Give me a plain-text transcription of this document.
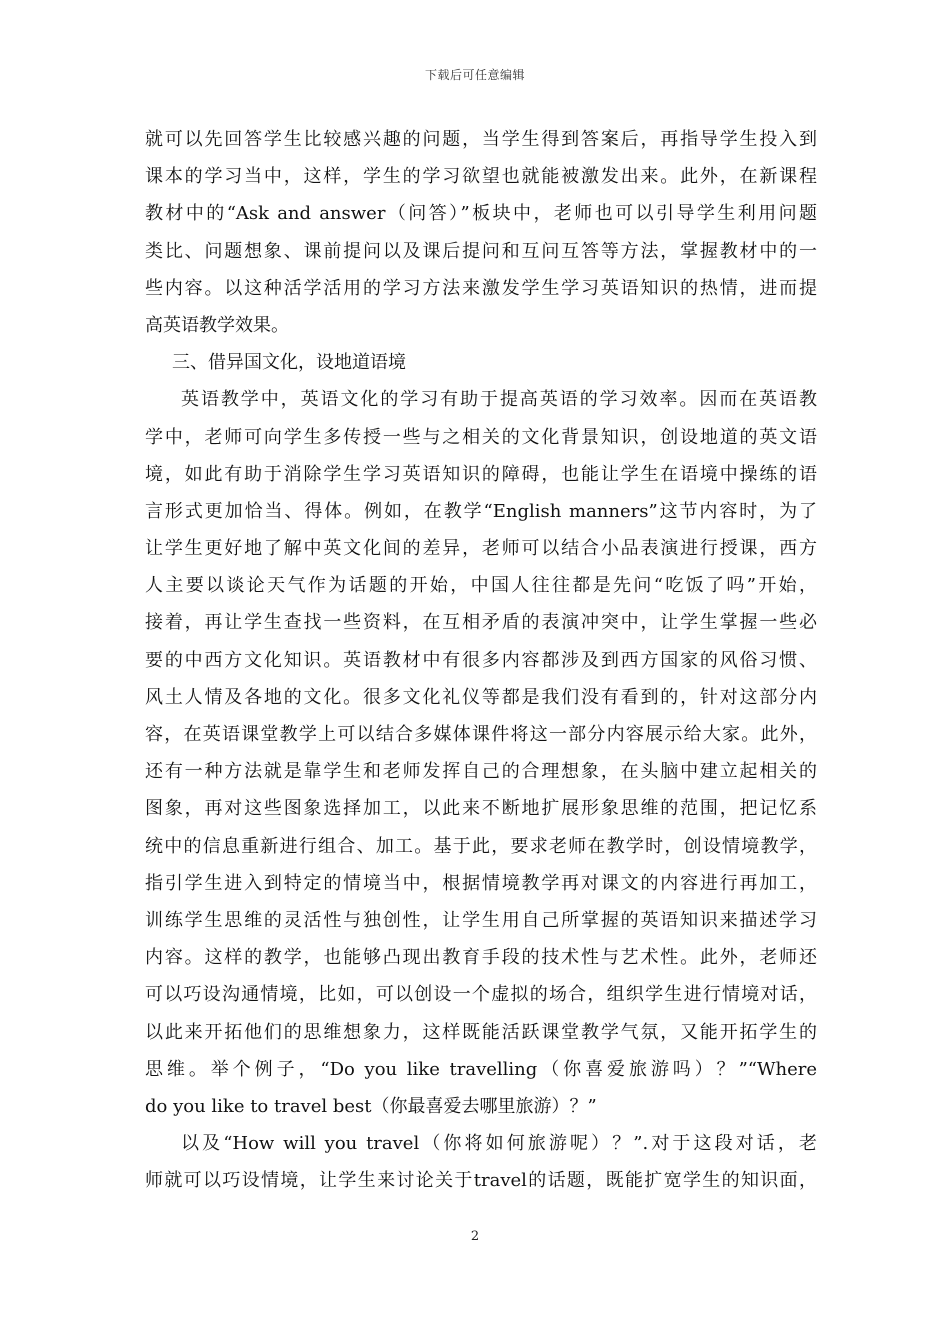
下载后可任意编辑
就可以先回答学生比较感兴趣的问题，当学生得到答案后，再指导学生投入到
课本的学习当中，这样，学生的学习欲望也就能被激发出来。此外，在新课程
教材中的“Ask and answer（问答）”板块中，老师也可以引导学生利用问题
类比、问题想象、课前提问以及课后提问和互问互答等方法，掌握教材中的一
些内容。以这种活学活用的学习方法来激发学生学习英语知识的热情，进而提
高英语教学效果。
三、借异国文化，设地道语境
英语教学中，英语文化的学习有助于提高英语的学习效率。因而在英语教
学中，老师可向学生多传授一些与之相关的文化背景知识，创设地道的英文语
境，如此有助于消除学生学习英语知识的障碍，也能让学生在语境中操练的语
言形式更加恰当、得体。例如，在教学“English manners”这节内容时，为了
让学生更好地了解中英文化间的差异，老师可以结合小品表演进行授课，西方
人主要以谈论天气作为话题的开始，中国人往往都是先问“吃饭了吗”开始，
接着，再让学生查找一些资料，在互相矛盾的表演冲突中，让学生掌握一些必
要的中西方文化知识。英语教材中有很多内容都涉及到西方国家的风俗习惯、
风土人情及各地的文化。很多文化礼仪等都是我们没有看到的，针对这部分内
容，在英语课堂教学上可以结合多媒体课件将这一部分内容展示给大家。此外，
还有一种方法就是靠学生和老师发挥自己的合理想象，在头脑中建立起相关的
图象，再对这些图象选择加工，以此来不断地扩展形象思维的范围，把记忆系
统中的信息重新进行组合、加工。基于此，要求老师在教学时，创设情境教学，
指引学生进入到特定的情境当中，根据情境教学再对课文的内容进行再加工，
训练学生思维的灵活性与独创性，让学生用自己所掌握的英语知识来描述学习
内容。这样的教学，也能够凸现出教育手段的技术性与艺术性。此外，老师还
可以巧设沟通情境，比如，可以创设一个虚拟的场合，组织学生进行情境对话，
以此来开拓他们的思维想象力，这样既能活跃课堂教学气氛，又能开拓学生的
思维。举个例子，“Do you like travelling（你喜爱旅游吗）？”“Where
do you like to travel best（你最喜爱去哪里旅游）？”
以及“How will you travel（你将如何旅游呢）？”.对于这段对话，老
师就可以巧设情境，让学生来讨论关于travel的话题，既能扩宽学生的知识面，
2
